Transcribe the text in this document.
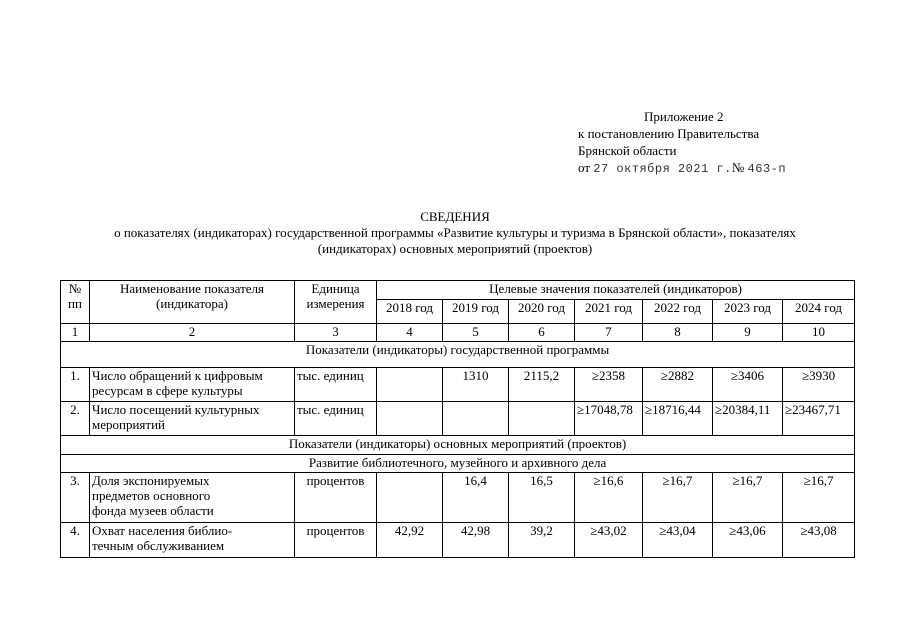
Приложение 2
к постановлению Правительства
Брянской области
от 27 октября 2021 г.№ 463-п
СВЕДЕНИЯ
о показателях (индикаторах) государственной программы «Развитие культуры и туризма в Брянской области», показателях
(индикаторах) основных мероприятий (проектов)
№ пп	Наименование показателя (индикатора)	Единица измерения	Целевые значения показателей (индикаторов)						
			2018 год	2019 год	2020 год	2021 год	2022 год	2023 год	2024 год
1	2	3	4	5	6	7	8	9	10
Показатели (индикаторы) государственной программы									
1.	Число обращений к цифровым ресурсам в сфере культуры	тыс. единиц		1310	2115,2	≥2358	≥2882	≥3406	≥3930
2.	Число посещений культурных мероприятий	тыс. единиц				≥17048,78	≥18716,44	≥20384,11	≥23467,71
Показатели (индикаторы) основных мероприятий (проектов)									
Развитие библиотечного, музейного и архивного дела									
3.	Доля экспонируемых предметов основного фонда музеев области	процентов		16,4	16,5	≥16,6	≥16,7	≥16,7	≥16,7
4.	Охват населения библио-течным обслуживанием	процентов	42,92	42,98	39,2	≥43,02	≥43,04	≥43,06	≥43,08
